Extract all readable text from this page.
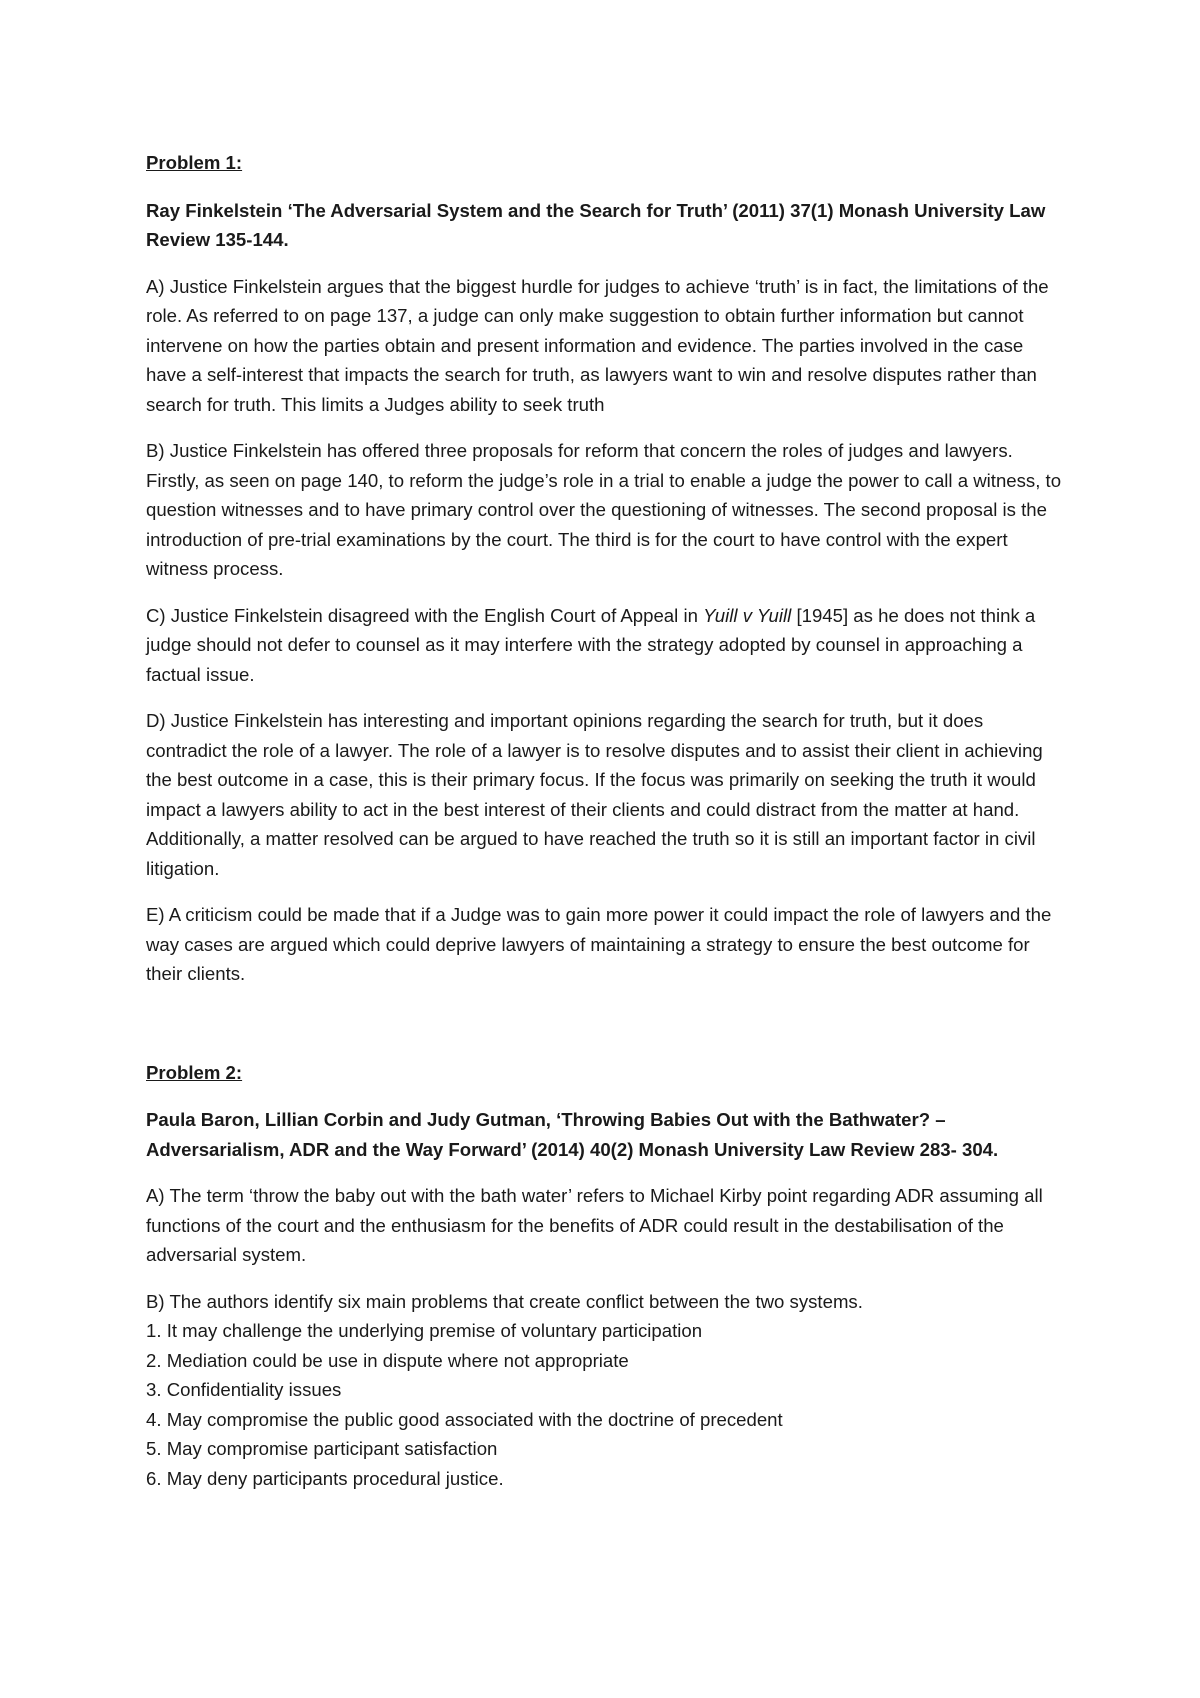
Problem 1:

Ray Finkelstein ‘The Adversarial System and the Search for Truth’ (2011) 37(1) Monash University Law Review 135-144.

A) Justice Finkelstein argues that the biggest hurdle for judges to achieve ‘truth’ is in fact, the limitations of the role. As referred to on page 137, a judge can only make suggestion to obtain further information but cannot intervene on how the parties obtain and present information and evidence. The parties involved in the case have a self-interest that impacts the search for truth, as lawyers want to win and resolve disputes rather than search for truth. This limits a Judges ability to seek truth

B) Justice Finkelstein has offered three proposals for reform that concern the roles of judges and lawyers. Firstly, as seen on page 140, to reform the judge’s role in a trial to enable a judge the power to call a witness, to question witnesses and to have primary control over the questioning of witnesses. The second proposal is the introduction of pre-trial examinations by the court. The third is for the court to have control with the expert witness process.

C) Justice Finkelstein disagreed with the English Court of Appeal in Yuill v Yuill [1945] as he does not think a judge should not defer to counsel as it may interfere with the strategy adopted by counsel in approaching a factual issue.

D) Justice Finkelstein has interesting and important opinions regarding the search for truth, but it does contradict the role of a lawyer. The role of a lawyer is to resolve disputes and to assist their client in achieving the best outcome in a case, this is their primary focus. If the focus was primarily on seeking the truth it would impact a lawyers ability to act in the best interest of their clients and could distract from the matter at hand. Additionally, a matter resolved can be argued to have reached the truth so it is still an important factor in civil litigation.

E) A criticism could be made that if a Judge was to gain more power it could impact the role of lawyers and the way cases are argued which could deprive lawyers of maintaining a strategy to ensure the best outcome for their clients.

Problem 2:

Paula Baron, Lillian Corbin and Judy Gutman, ‘Throwing Babies Out with the Bathwater? – Adversarialism, ADR and the Way Forward’ (2014) 40(2) Monash University Law Review 283- 304.

A) The term ‘throw the baby out with the bath water’ refers to Michael Kirby point regarding ADR assuming all functions of the court and the enthusiasm for the benefits of ADR could result in the destabilisation of the adversarial system.

B) The authors identify six main problems that create conflict between the two systems.

1. It may challenge the underlying premise of voluntary participation
2. Mediation could be use in dispute where not appropriate
3. Confidentiality issues
4. May compromise the public good associated with the doctrine of precedent
5. May compromise participant satisfaction
6. May deny participants procedural justice.
